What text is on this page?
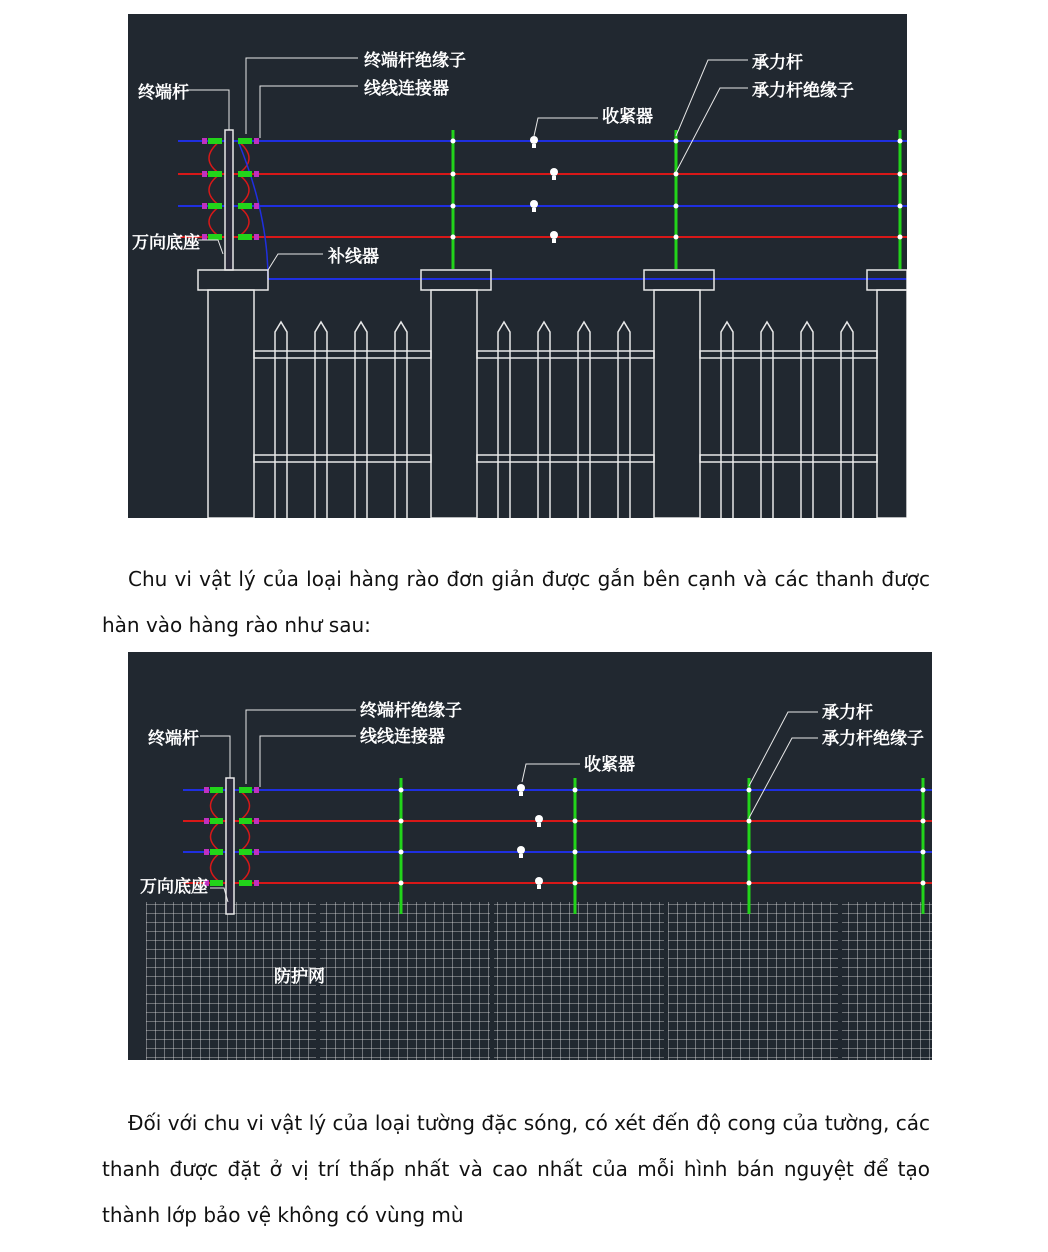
终端杆绝缘子
线线连接器
终端杆
收紧器
承力杆
承力杆绝缘子
万向底座
补线器

Chu vi vật lý của loại hàng rào đơn giản được gắn bên cạnh và các thanh được hàn vào hàng rào như sau:

终端杆绝缘子
线线连接器
终端杆
收紧器
承力杆
承力杆绝缘子
万向底座
防护网

Đối với chu vi vật lý của loại tường đặc sóng, có xét đến độ cong của tường, các thanh được đặt ở vị trí thấp nhất và cao nhất của mỗi hình bán nguyệt để tạo thành lớp bảo vệ không có vùng mù
